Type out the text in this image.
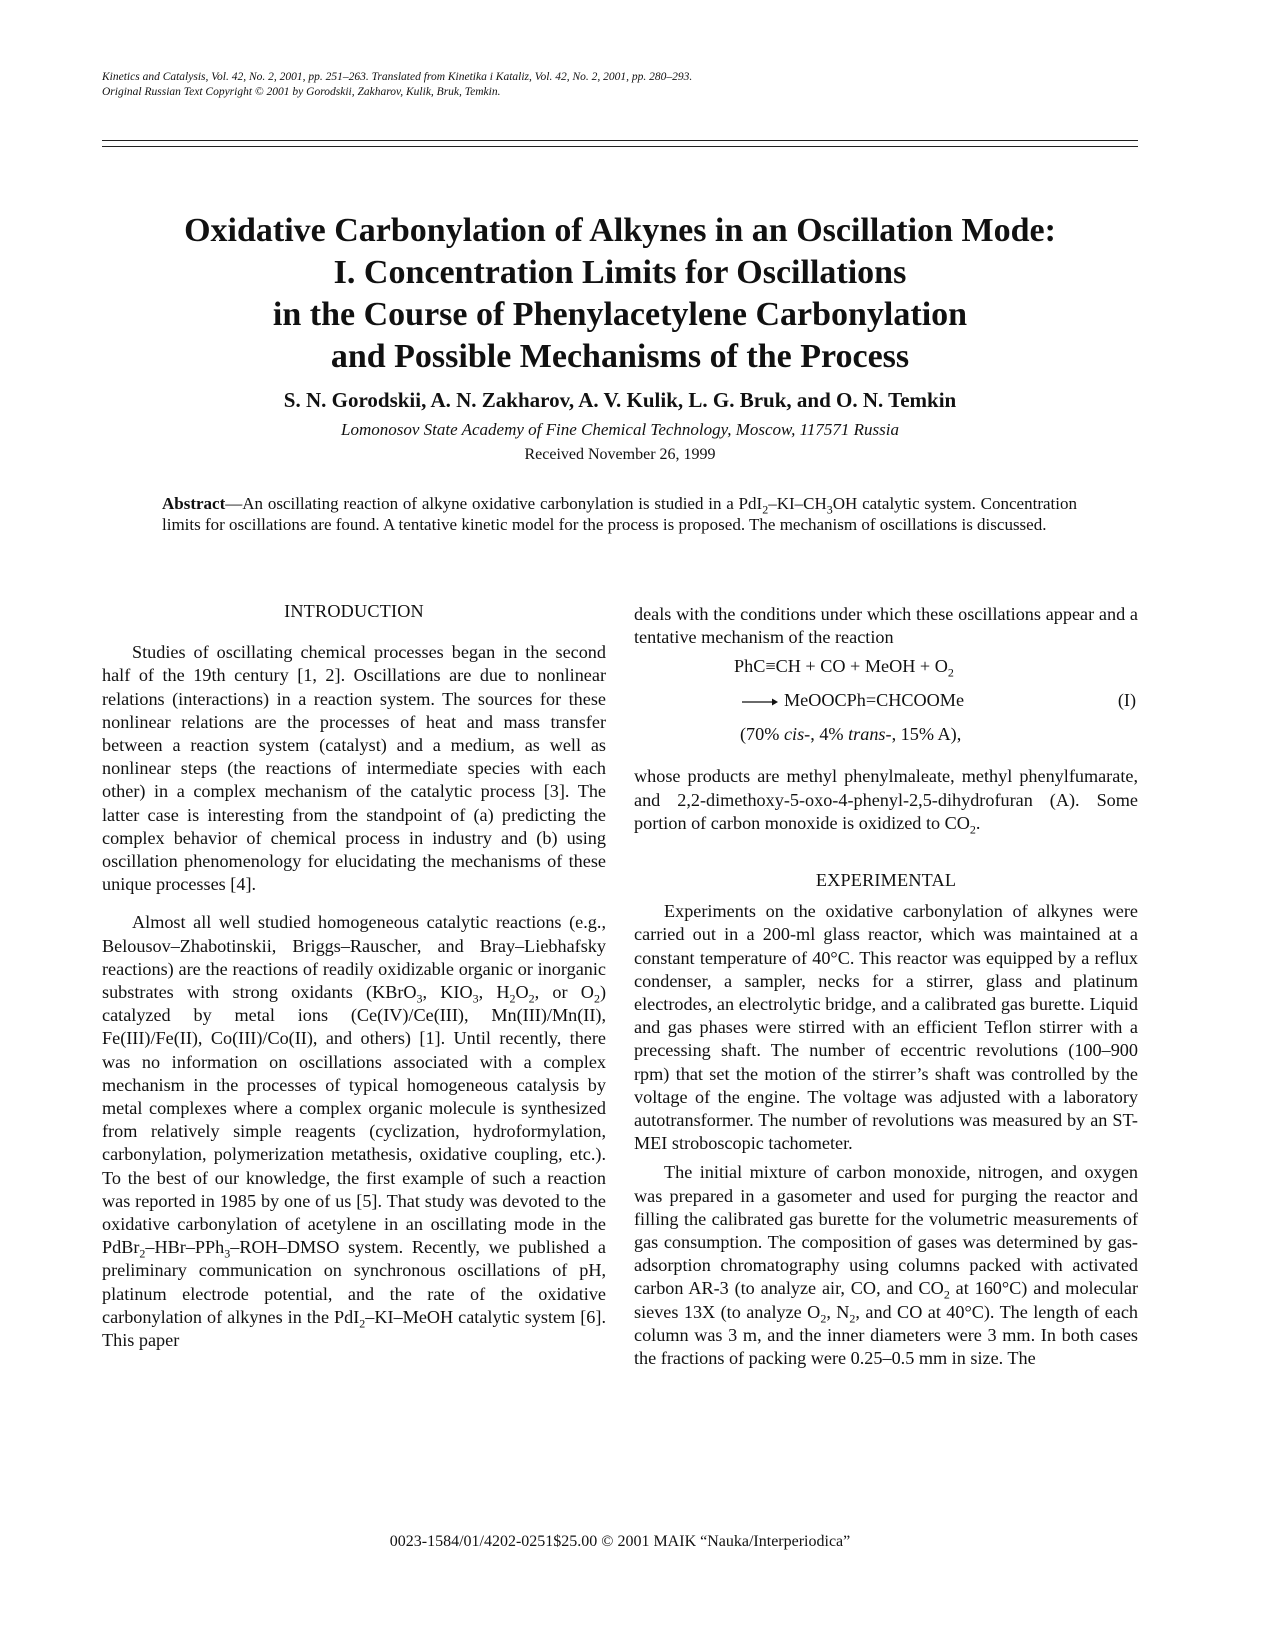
Kinetics and Catalysis, Vol. 42, No. 2, 2001, pp. 251–263. Translated from Kinetika i Kataliz, Vol. 42, No. 2, 2001, pp. 280–293.
Original Russian Text Copyright © 2001 by Gorodskii, Zakharov, Kulik, Bruk, Temkin.
Oxidative Carbonylation of Alkynes in an Oscillation Mode:
I. Concentration Limits for Oscillations
in the Course of Phenylacetylene Carbonylation
and Possible Mechanisms of the Process
S. N. Gorodskii, A. N. Zakharov, A. V. Kulik, L. G. Bruk, and O. N. Temkin
Lomonosov State Academy of Fine Chemical Technology, Moscow, 117571 Russia
Received November 26, 1999
Abstract—An oscillating reaction of alkyne oxidative carbonylation is studied in a $PdI_2-KI-CH_3OH$ catalytic system. Concentration limits for oscillations are found. A tentative kinetic model for the process is proposed. The mechanism of oscillations is discussed.
INTRODUCTION

Studies of oscillating chemical processes began in the second half of the 19th century [1, 2]. Oscillations are due to nonlinear relations (interactions) in a reaction system. The sources for these nonlinear relations are the processes of heat and mass transfer between a reaction system (catalyst) and a medium, as well as nonlinear steps (the reactions of intermediate species with each other) in a complex mechanism of the catalytic process [3]. The latter case is interesting from the standpoint of (a) predicting the complex behavior of chemical process in industry and (b) using oscillation phenomenology for elucidating the mechanisms of these unique processes [4].

Almost all well studied homogeneous catalytic reactions (e.g., Belousov–Zhabotinskii, Briggs–Rauscher, and Bray–Liebhafsky reactions) are the reactions of readily oxidizable organic or inorganic substrates with strong oxidants (KBrO$_3$, $KIO_3$, $H_2O_2$, or $O_2$) catalyzed by metal ions (Ce(IV)/Ce(III), Mn(III)/Mn(II), Fe(III)/Fe(II), Co(III)/Co(II), and others) [1]. Until recently, there was no information on oscillations associated with a complex mechanism in the processes of typical homogeneous catalysis by metal complexes where a complex organic molecule is synthesized from relatively simple reagents (cyclization, hydroformylation, carbonylation, polymerization metathesis, oxidative coupling, etc.). To the best of our knowledge, the first example of such a reaction was reported in 1985 by one of us [5]. That study was devoted to the oxidative carbonylation of acetylene in an oscillating mode in the PdBr$_2$–HBr–PPh$_3$–ROH–DMSO system. Recently, we published a preliminary communication on synchronous oscillations of pH, platinum electrode potential, and the rate of the oxidative carbonylation of alkynes in the PdI$_2$–KI–MeOH catalytic system [6]. This paper

deals with the conditions under which these oscillations appear and a tentative mechanism of the reaction

PhC≡CH + CO + MeOH + $O_2$
→ MeOOCPh=CHCOOMe	(I)
(70% cis-, 4% trans-, 15% A),

whose products are methyl phenylmaleate, methyl phenylfumarate, and 2,2-dimethoxy-5-oxo-4-phenyl-2,5-dihydrofuran (A). Some portion of carbon monoxide is oxidized to $CO_2$.

EXPERIMENTAL

Experiments on the oxidative carbonylation of alkynes were carried out in a 200-ml glass reactor, which was maintained at a constant temperature of 40°C. This reactor was equipped by a reflux condenser, a sampler, necks for a stirrer, glass and platinum electrodes, an electrolytic bridge, and a calibrated gas burette. Liquid and gas phases were stirred with an efficient Teflon stirrer with a precessing shaft. The number of eccentric revolutions (100–900 rpm) that set the motion of the stirrer’s shaft was controlled by the voltage of the engine. The voltage was adjusted with a laboratory autotransformer. The number of revolutions was measured by an ST-MEI stroboscopic tachometer.

The initial mixture of carbon monoxide, nitrogen, and oxygen was prepared in a gasometer and used for purging the reactor and filling the calibrated gas burette for the volumetric measurements of gas consumption. The composition of gases was determined by gas-adsorption chromatography using columns packed with activated carbon AR-3 (to analyze air, CO, and $CO_2$ at 160°C) and molecular sieves 13X (to analyze $O_2$, $N_2$, and CO at 40°C). The length of each column was 3 m, and the inner diameters were 3 mm. In both cases the fractions of packing were 0.25–0.5 mm in size. The

0023-1584/01/4202-0251$25.00 © 2001 MAIK “Nauka/Interperiodica”
